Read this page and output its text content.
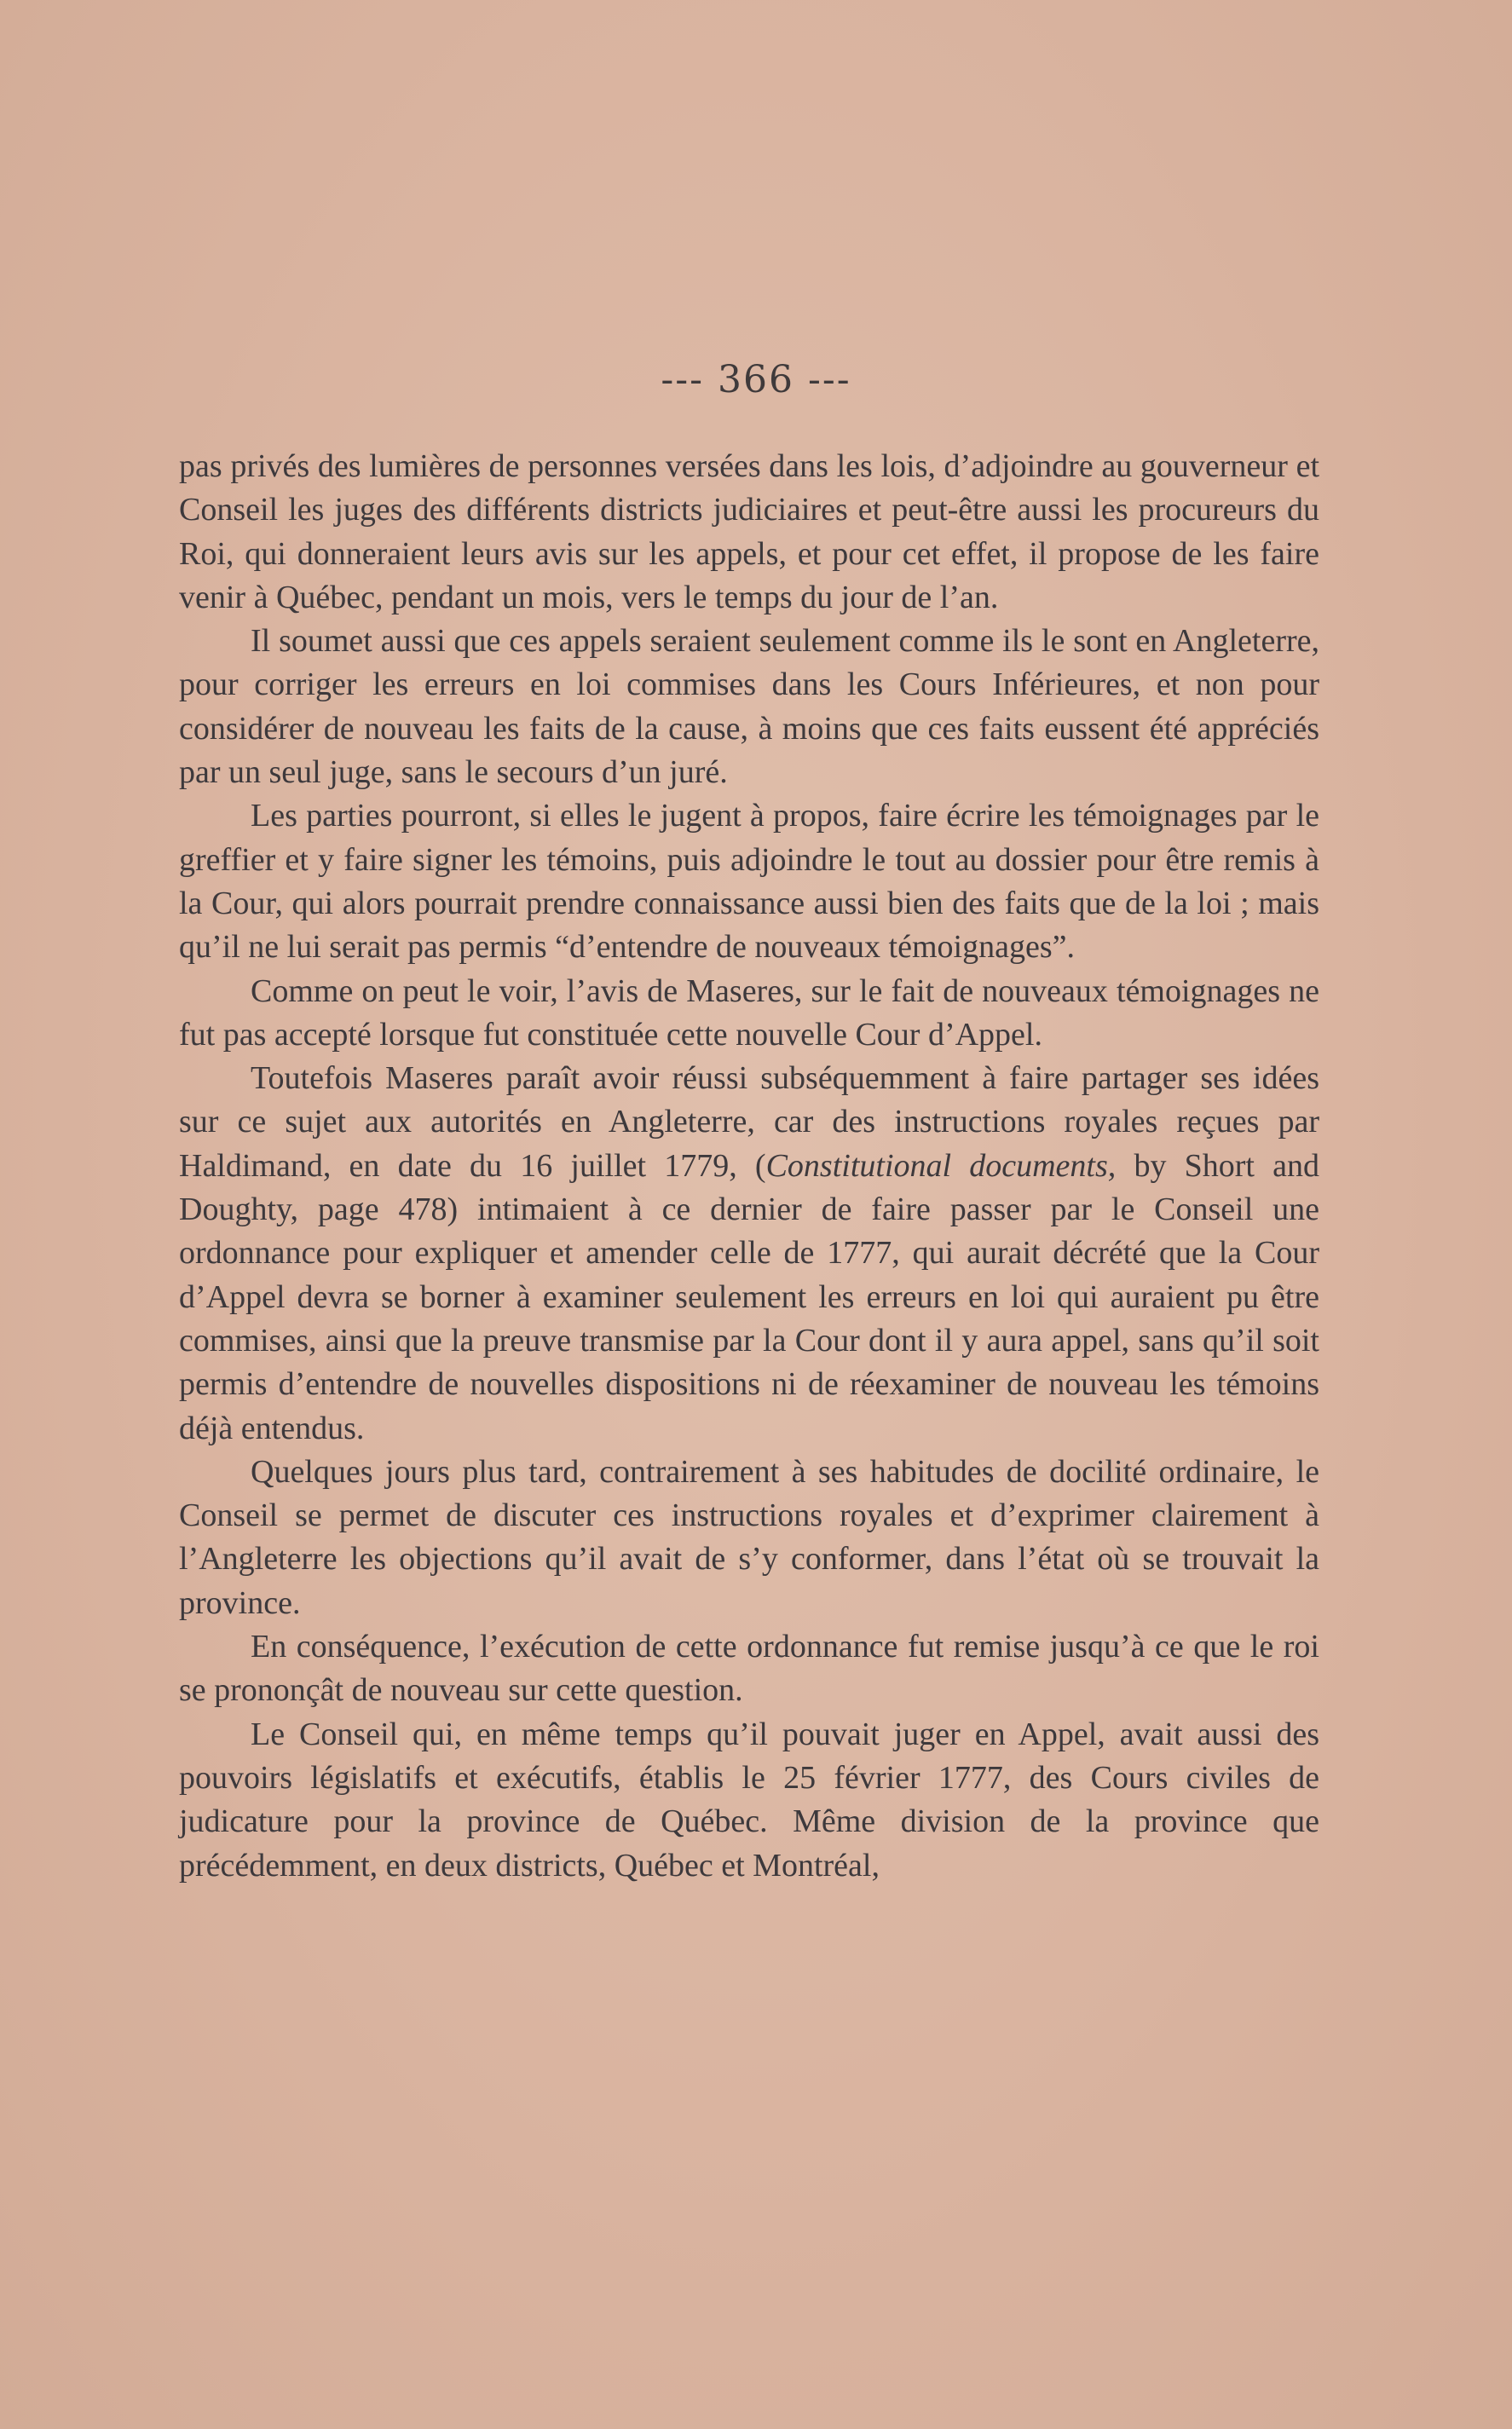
--- 366 ---

pas privés des lumières de personnes versées dans les lois, d’adjoindre au gouverneur et Conseil les juges des différents districts judiciaires et peut-être aussi les procureurs du Roi, qui donneraient leurs avis sur les appels, et pour cet effet, il propose de les faire venir à Québec, pendant un mois, vers le temps du jour de l’an.

Il soumet aussi que ces appels seraient seulement comme ils le sont en Angleterre, pour corriger les erreurs en loi commises dans les Cours Inférieures, et non pour considérer de nouveau les faits de la cause, à moins que ces faits eussent été appréciés par un seul juge, sans le secours d’un juré.

Les parties pourront, si elles le jugent à propos, faire écrire les témoignages par le greffier et y faire signer les témoins, puis adjoindre le tout au dossier pour être remis à la Cour, qui alors pourrait prendre connaissance aussi bien des faits que de la loi ; mais qu’il ne lui serait pas permis “d’entendre de nouveaux témoignages”.

Comme on peut le voir, l’avis de Maseres, sur le fait de nouveaux témoignages ne fut pas accepté lorsque fut constituée cette nouvelle Cour d’Appel.

Toutefois Maseres paraît avoir réussi subséquemment à faire partager ses idées sur ce sujet aux autorités en Angleterre, car des instructions royales reçues par Haldimand, en date du 16 juillet 1779, (Constitutional documents, by Short and Doughty, page 478) intimaient à ce dernier de faire passer par le Conseil une ordonnance pour expliquer et amender celle de 1777, qui aurait décrété que la Cour d’Appel devra se borner à examiner seulement les erreurs en loi qui auraient pu être commises, ainsi que la preuve transmise par la Cour dont il y aura appel, sans qu’il soit permis d’entendre de nouvelles dispositions ni de réexaminer de nouveau les témoins déjà entendus.

Quelques jours plus tard, contrairement à ses habitudes de docilité ordinaire, le Conseil se permet de discuter ces instructions royales et d’exprimer clairement à l’Angleterre les objections qu’il avait de s’y conformer, dans l’état où se trouvait la province.

En conséquence, l’exécution de cette ordonnance fut remise jusqu’à ce que le roi se prononçât de nouveau sur cette question.

Le Conseil qui, en même temps qu’il pouvait juger en Appel, avait aussi des pouvoirs législatifs et exécutifs, établis le 25 février 1777, des Cours civiles de judicature pour la province de Québec. Même division de la province que précédemment, en deux districts, Québec et Montréal,
